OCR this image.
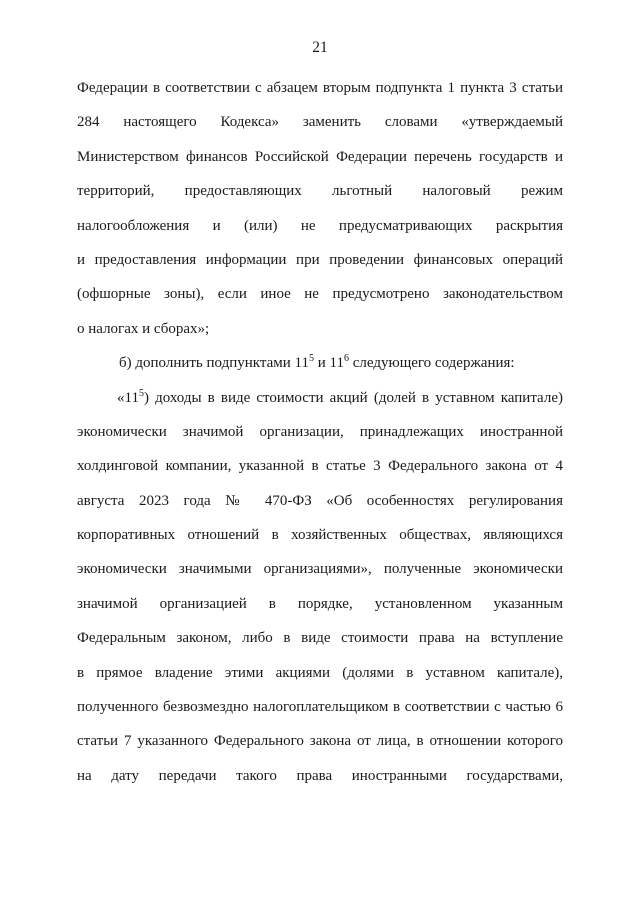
21
Федерации в соответствии с абзацем вторым подпункта 1 пункта 3 статьи
284 настоящего Кодекса» заменить словами «утверждаемый
Министерством финансов Российской Федерации перечень государств и
территорий, предоставляющих льготный налоговый режим
налогообложения и (или) не предусматривающих раскрытия
и предоставления информации при проведении финансовых операций
(офшорные зоны), если иное не предусмотрено законодательством
о налогах и сборах»;
б) дополнить подпунктами $11^5$ и $11^6$ следующего содержания:
«$11^5$) доходы в виде стоимости акций (долей в уставном капитале)
экономически значимой организации, принадлежащих иностранной
холдинговой компании, указанной в статье 3 Федерального закона от 4
августа 2023 года № 470-ФЗ «Об особенностях регулирования
корпоративных отношений в хозяйственных обществах, являющихся
экономически значимыми организациями», полученные экономически
значимой организацией в порядке, установленном указанным
Федеральным законом, либо в виде стоимости права на вступление
в прямое владение этими акциями (долями в уставном капитале),
полученного безвозмездно налогоплательщиком в соответствии с частью 6
статьи 7 указанного Федерального закона от лица, в отношении которого
на дату передачи такого права иностранными государствами,
